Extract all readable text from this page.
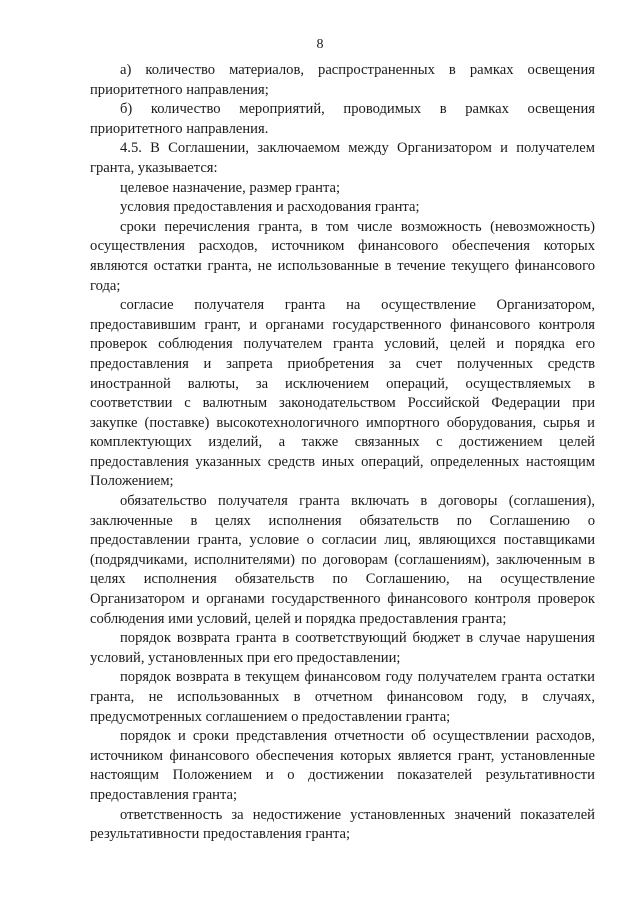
8

а) количество материалов, распространенных в рамках освещения приоритетного направления;

б) количество мероприятий, проводимых в рамках освещения приоритетного направления.

4.5. В Соглашении, заключаемом между Организатором и получателем гранта, указывается:

целевое назначение, размер гранта;

условия предоставления и расходования гранта;

сроки перечисления гранта, в том числе возможность (невозможность) осуществления расходов, источником финансового обеспечения которых являются остатки гранта, не использованные в течение текущего финансового года;

согласие получателя гранта на осуществление Организатором, предоставившим грант, и органами государственного финансового контроля проверок соблюдения получателем гранта условий, целей и порядка его предоставления и запрета приобретения за счет полученных средств иностранной валюты, за исключением операций, осуществляемых в соответствии с валютным законодательством Российской Федерации при закупке (поставке) высокотехнологичного импортного оборудования, сырья и комплектующих изделий, а также связанных с достижением целей предоставления указанных средств иных операций, определенных настоящим Положением;

обязательство получателя гранта включать в договоры (соглашения), заключенные в целях исполнения обязательств по Соглашению о предоставлении гранта, условие о согласии лиц, являющихся поставщиками (подрядчиками, исполнителями) по договорам (соглашениям), заключенным в целях исполнения обязательств по Соглашению, на осуществление Организатором и органами государственного финансового контроля проверок соблюдения ими условий, целей и порядка предоставления гранта;

порядок возврата гранта в соответствующий бюджет в случае нарушения условий, установленных при его предоставлении;

порядок возврата в текущем финансовом году получателем гранта остатки гранта, не использованных в отчетном финансовом году, в случаях, предусмотренных соглашением о предоставлении гранта;

порядок и сроки представления отчетности об осуществлении расходов, источником финансового обеспечения которых является грант, установленные настоящим Положением и о достижении показателей результативности предоставления гранта;

ответственность за недостижение установленных значений показателей результативности предоставления гранта;
